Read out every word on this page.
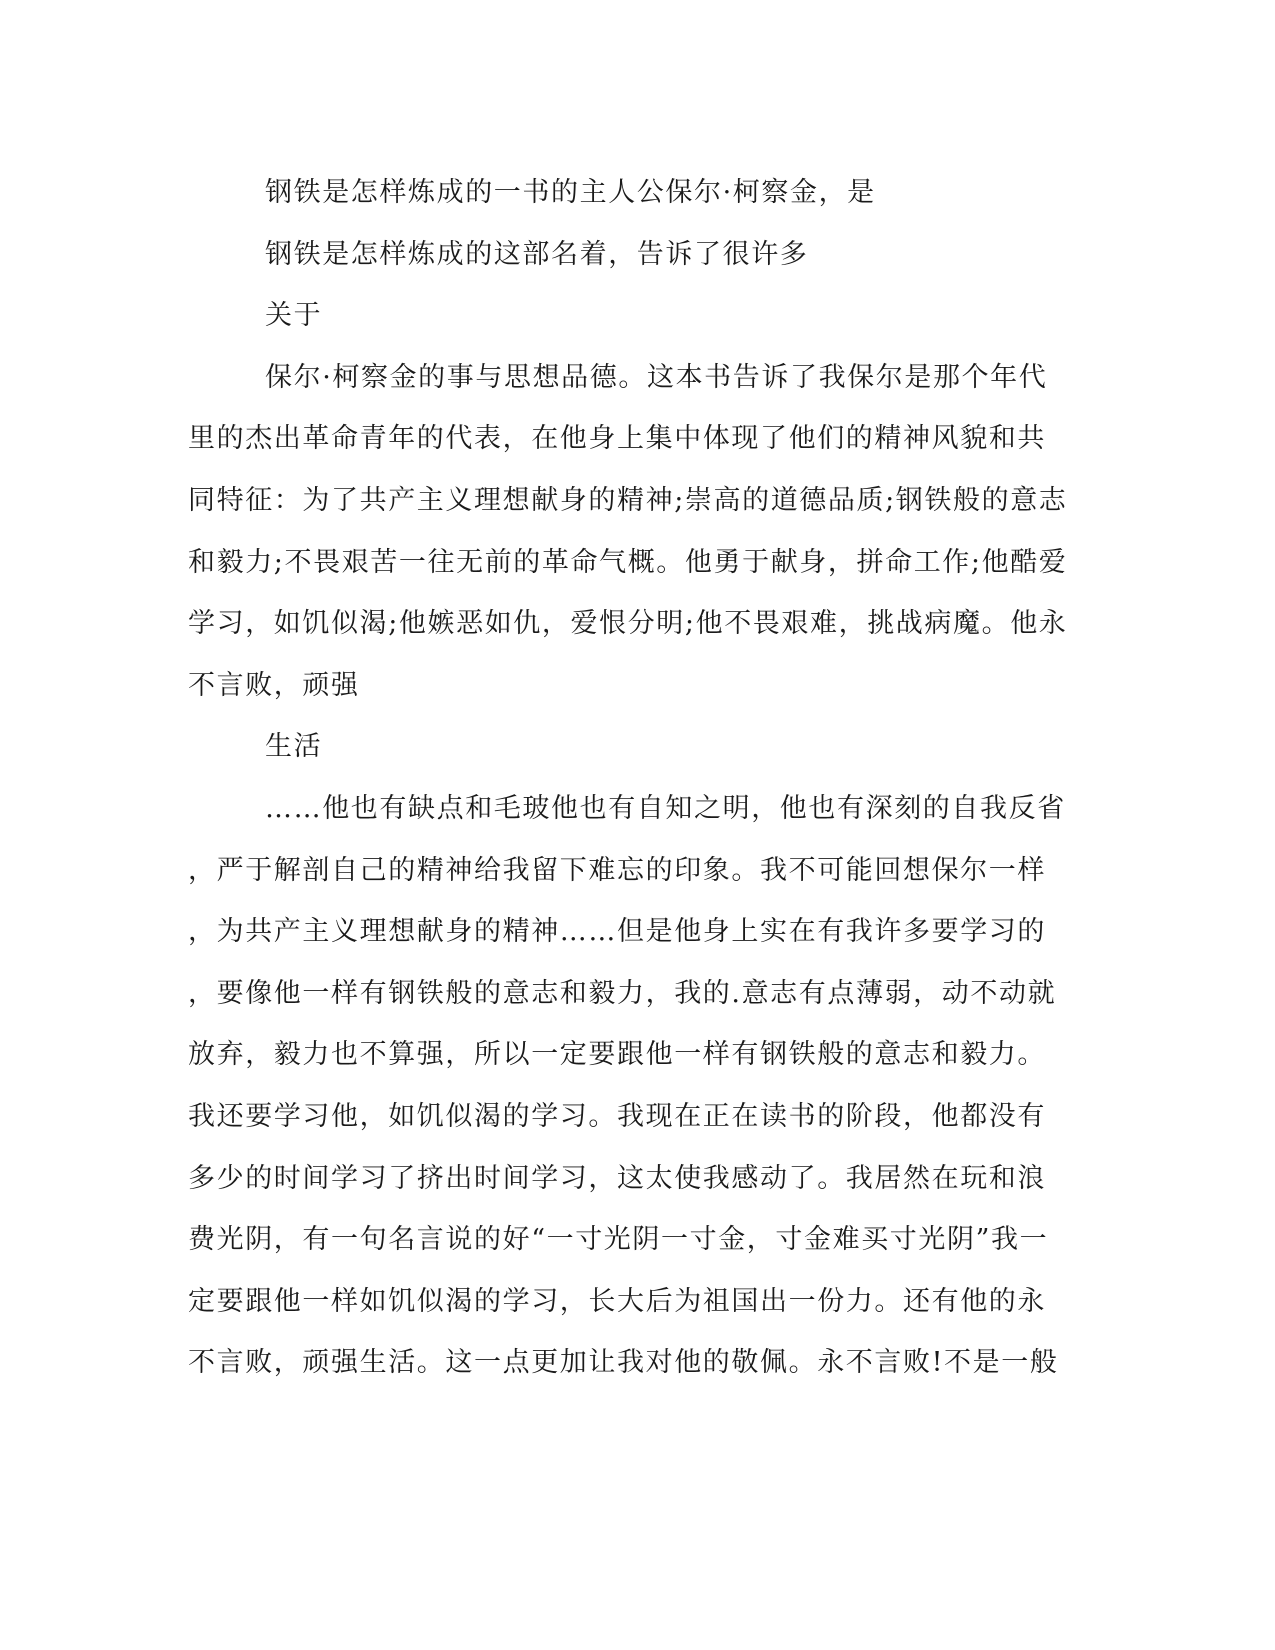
钢铁是怎样炼成的一书的主人公保尔·柯察金，是
钢铁是怎样炼成的这部名着，告诉了很许多
关于
保尔·柯察金的事与思想品德。这本书告诉了我保尔是那个年代
里的杰出革命青年的代表，在他身上集中体现了他们的精神风貌和共
同特征：为了共产主义理想献身的精神;崇高的道德品质;钢铁般的意志
和毅力;不畏艰苦一往无前的革命气概。他勇于献身，拼命工作;他酷爱
学习，如饥似渴;他嫉恶如仇，爱恨分明;他不畏艰难，挑战病魔。他永
不言败，顽强
生活
……他也有缺点和毛玻他也有自知之明，他也有深刻的自我反省
，严于解剖自己的精神给我留下难忘的印象。我不可能回想保尔一样
，为共产主义理想献身的精神……但是他身上实在有我许多要学习的
，要像他一样有钢铁般的意志和毅力，我的.意志有点薄弱，动不动就
放弃，毅力也不算强，所以一定要跟他一样有钢铁般的意志和毅力。
我还要学习他，如饥似渴的学习。我现在正在读书的阶段，他都没有
多少的时间学习了挤出时间学习，这太使我感动了。我居然在玩和浪
费光阴，有一句名言说的好“一寸光阴一寸金，寸金难买寸光阴”我一
定要跟他一样如饥似渴的学习，长大后为祖国出一份力。还有他的永
不言败，顽强生活。这一点更加让我对他的敬佩。永不言败!不是一般
